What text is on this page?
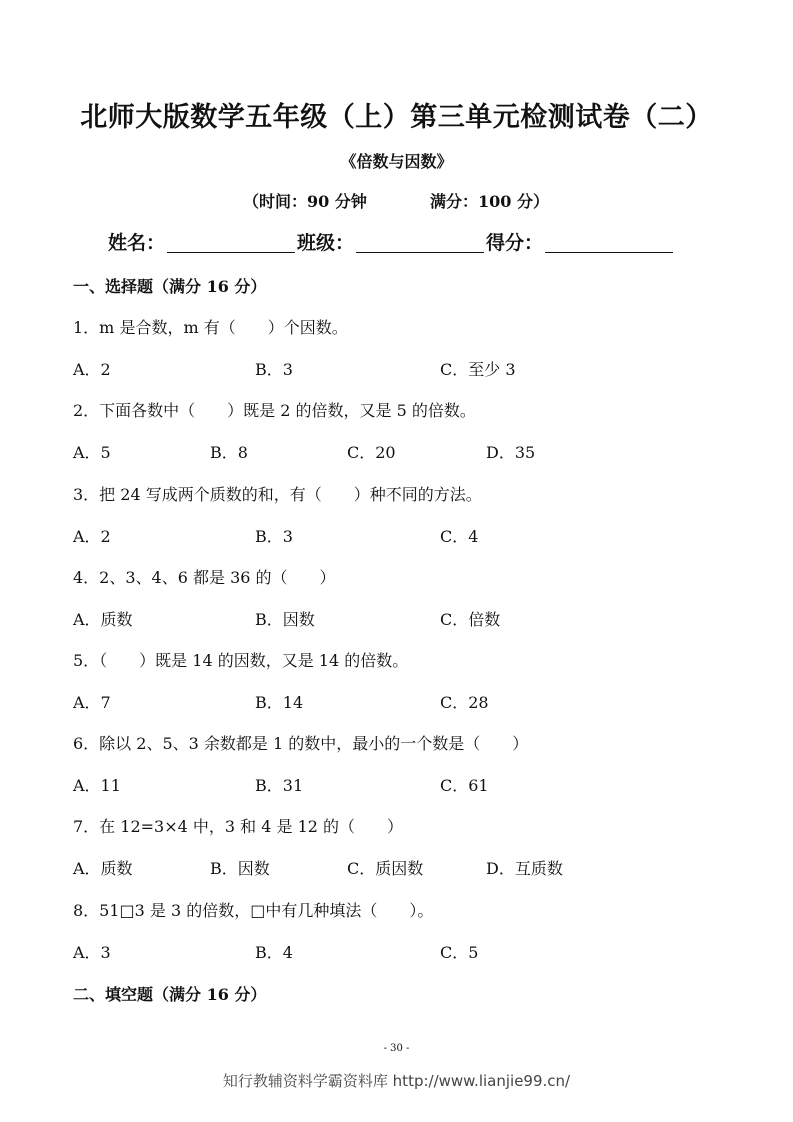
北师大版数学五年级（上）第三单元检测试卷（二）
《倍数与因数》
（时间：90 分钟	满分：100 分）
姓名：	班级：	得分：
一、选择题（满分 16 分）
1．m 是合数，m 有（　　）个因数。
A．2	B．3	C．至少 3
2．下面各数中（　　）既是 2 的倍数，又是 5 的倍数。
A．5	B．8	C．20	D．35
3．把 24 写成两个质数的和，有（　　）种不同的方法。
A．2	B．3	C．4
4．2、3、4、6 都是 36 的（　　）
A．质数	B．因数	C．倍数
5．（　　）既是 14 的因数，又是 14 的倍数。
A．7	B．14	C．28
6．除以 2、5、3 余数都是 1 的数中，最小的一个数是（　　）
A．11	B．31	C．61
7．在 12=3×4 中，3 和 4 是 12 的（　　）
A．质数	B．因数	C．质因数	D．互质数
8．51□3 是 3 的倍数，□中有几种填法（　　）。
A．3	B．4	C．5
二、填空题（满分 16 分）
- 30 -
知行教辅资料学霸资料库 http://www.lianjie99.cn/
